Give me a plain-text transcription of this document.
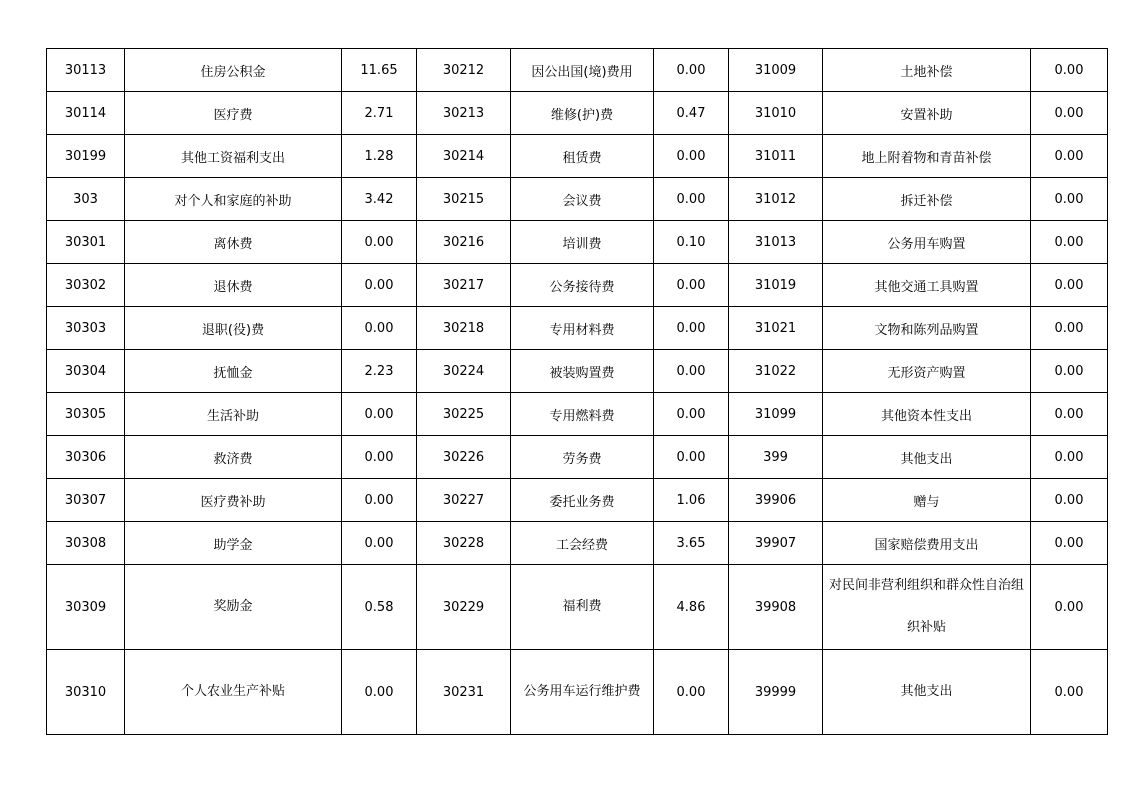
30113	住房公积金	11.65	30212	因公出国(境)费用	0.00	31009	土地补偿	0.00
30114	医疗费	2.71	30213	维修(护)费	0.47	31010	安置补助	0.00
30199	其他工资福利支出	1.28	30214	租赁费	0.00	31011	地上附着物和青苗补偿	0.00
303	对个人和家庭的补助	3.42	30215	会议费	0.00	31012	拆迁补偿	0.00
30301	离休费	0.00	30216	培训费	0.10	31013	公务用车购置	0.00
30302	退休费	0.00	30217	公务接待费	0.00	31019	其他交通工具购置	0.00
30303	退职(役)费	0.00	30218	专用材料费	0.00	31021	文物和陈列品购置	0.00
30304	抚恤金	2.23	30224	被装购置费	0.00	31022	无形资产购置	0.00
30305	生活补助	0.00	30225	专用燃料费	0.00	31099	其他资本性支出	0.00
30306	救济费	0.00	30226	劳务费	0.00	399	其他支出	0.00
30307	医疗费补助	0.00	30227	委托业务费	1.06	39906	赠与	0.00
30308	助学金	0.00	30228	工会经费	3.65	39907	国家赔偿费用支出	0.00
30309	奖励金	0.58	30229	福利费	4.86	39908	对民间非营利组织和群众性自治组织补贴	0.00
30310	个人农业生产补贴	0.00	30231	公务用车运行维护费	0.00	39999	其他支出	0.00
